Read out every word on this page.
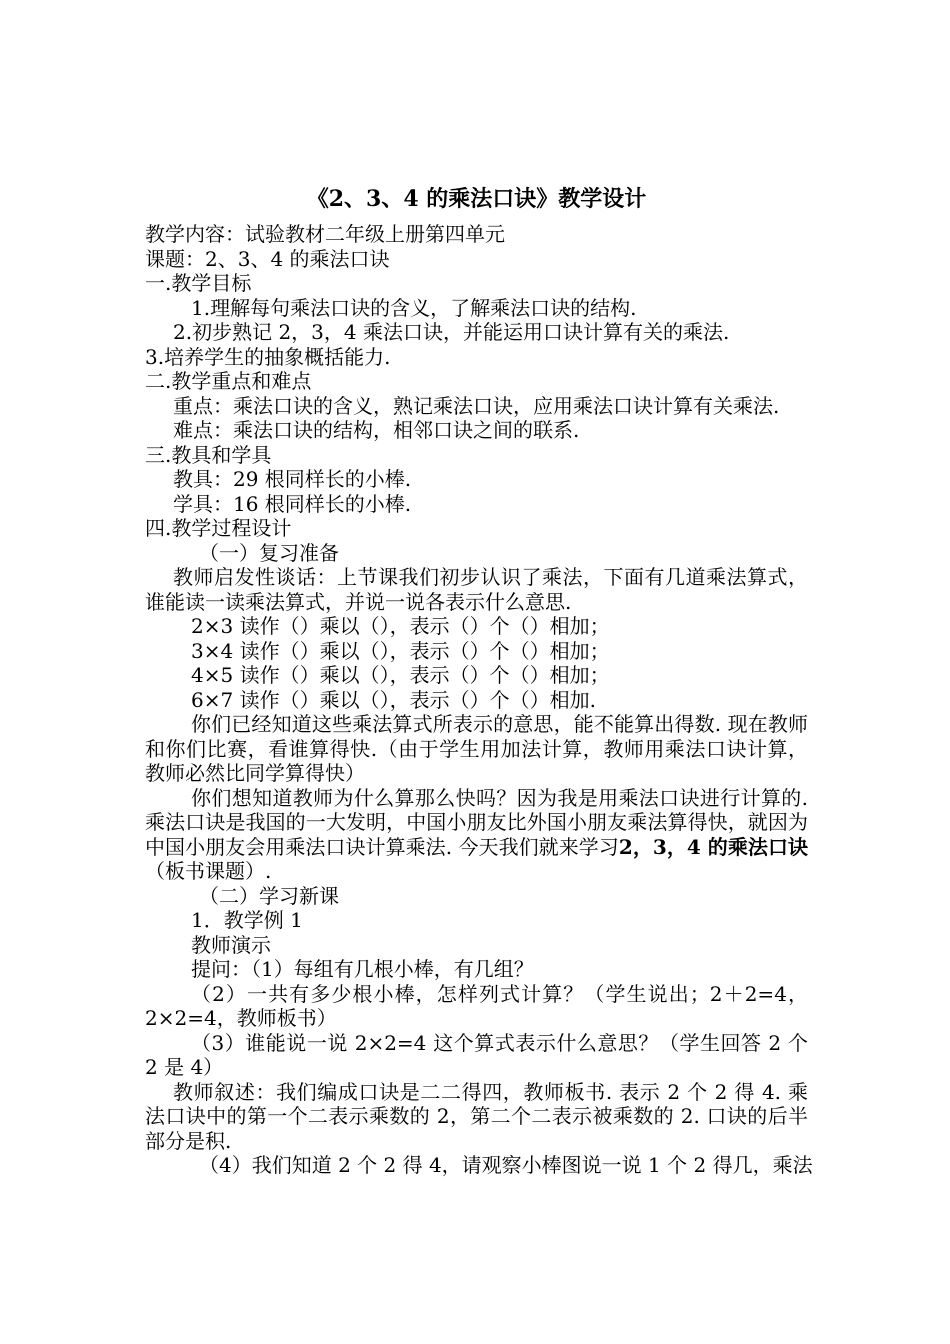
《2、3、4 的乘法口诀》教学设计
教学内容：试验教材二年级上册第四单元
课题：2、3、4 的乘法口诀
一.教学目标
1.理解每句乘法口诀的含义，了解乘法口诀的结构.
2.初步熟记 2，3，4 乘法口诀，并能运用口诀计算有关的乘法.
3.培养学生的抽象概括能力.
二.教学重点和难点
重点：乘法口诀的含义，熟记乘法口诀，应用乘法口诀计算有关乘法.
难点：乘法口诀的结构，相邻口诀之间的联系.
三.教具和学具
教具：29 根同样长的小棒.
学具：16 根同样长的小棒.
四.教学过程设计
（一）复习准备
教师启发性谈话：上节课我们初步认识了乘法，下面有几道乘法算式，谁能读一读乘法算式，并说一说各表示什么意思.
2×3 读作（）乘以（），表示（）个（）相加；
3×4 读作（）乘以（），表示（）个（）相加；
4×5 读作（）乘以（），表示（）个（）相加；
6×7 读作（）乘以（），表示（）个（）相加.
你们已经知道这些乘法算式所表示的意思，能不能算出得数. 现在教师和你们比赛，看谁算得快.（由于学生用加法计算，教师用乘法口诀计算，教师必然比同学算得快）
你们想知道教师为什么算那么快吗？因为我是用乘法口诀进行计算的. 乘法口诀是我国的一大发明，中国小朋友比外国小朋友乘法算得快，就因为中国小朋友会用乘法口诀计算乘法. 今天我们就来学习2，3，4 的乘法口诀（板书课题）.
（二）学习新课
1．教学例 1
教师演示
提问：（1）每组有几根小棒，有几组？
（2）一共有多少根小棒，怎样列式计算？（学生说出；2＋2=4，2×2=4，教师板书）
（3）谁能说一说 2×2=4 这个算式表示什么意思？（学生回答 2 个 2 是 4）
教师叙述：我们编成口诀是二二得四，教师板书. 表示 2 个 2 得 4. 乘法口诀中的第一个二表示乘数的 2，第二个二表示被乘数的 2. 口诀的后半部分是积.
（4）我们知道 2 个 2 得 4，请观察小棒图说一说 1 个 2 得几，乘法
